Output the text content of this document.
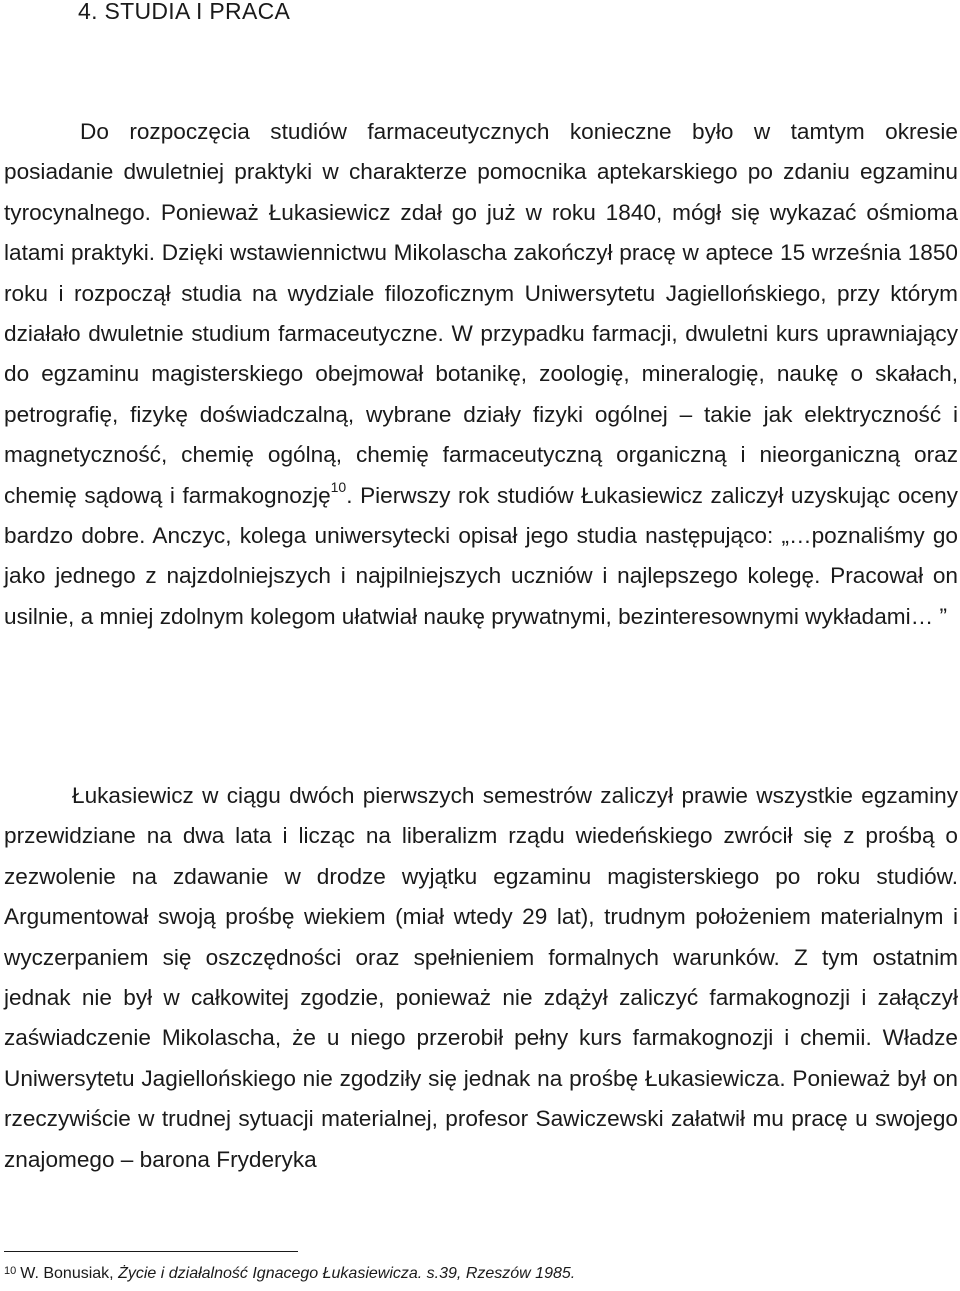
4. STUDIA I PRACA

Do rozpoczęcia studiów farmaceutycznych konieczne było w tamtym okresie posiadanie dwuletniej praktyki w charakterze pomocnika aptekarskiego po zdaniu egzaminu tyrocynalnego. Ponieważ Łukasiewicz zdał go już w roku 1840, mógł się wykazać ośmioma latami praktyki. Dzięki wstawiennictwu Mikolascha zakończył pracę w aptece 15 września 1850 roku i rozpoczął studia na wydziale filozoficznym Uniwersytetu Jagiellońskiego, przy którym działało dwuletnie studium farmaceutyczne. W przypadku farmacji, dwuletni kurs uprawniający do egzaminu magisterskiego obejmował botanikę, zoologię, mineralogię, naukę o skałach, petrografię, fizykę doświadczalną, wybrane działy fizyki ogólnej – takie jak elektryczność i magnetyczność, chemię ogólną, chemię farmaceutyczną organiczną i nieorganiczną oraz chemię sądową i farmakognozję$^{10}$. Pierwszy rok studiów Łukasiewicz zaliczył uzyskując oceny bardzo dobre. Anczyc, kolega uniwersytecki opisał jego studia następująco: „…poznaliśmy go jako jednego z najzdolniejszych i najpilniejszych uczniów i najlepszego kolegę. Pracował on usilnie, a mniej zdolnym kolegom ułatwiał naukę prywatnymi, bezinteresownymi wykładami… ”

Łukasiewicz w ciągu dwóch pierwszych semestrów zaliczył prawie wszystkie egzaminy przewidziane na dwa lata i licząc na liberalizm rządu wiedeńskiego zwrócił się z prośbą o zezwolenie na zdawanie w drodze wyjątku egzaminu magisterskiego po roku studiów. Argumentował swoją prośbę wiekiem (miał wtedy 29 lat), trudnym położeniem materialnym i wyczerpaniem się oszczędności oraz spełnieniem formalnych warunków. Z tym ostatnim jednak nie był w całkowitej zgodzie, ponieważ nie zdążył zaliczyć farmakognozji i załączył zaświadczenie Mikolascha, że u niego przerobił pełny kurs farmakognozji i chemii. Władze Uniwersytetu Jagiellońskiego nie zgodziły się jednak na prośbę Łukasiewicza. Ponieważ był on rzeczywiście w trudnej sytuacji materialnej, profesor Sawiczewski załatwił mu pracę u swojego znajomego – barona Fryderyka

$^{10}$ W. Bonusiak, Życie i działalność Ignacego Łukasiewicza. s.39, Rzeszów 1985.
